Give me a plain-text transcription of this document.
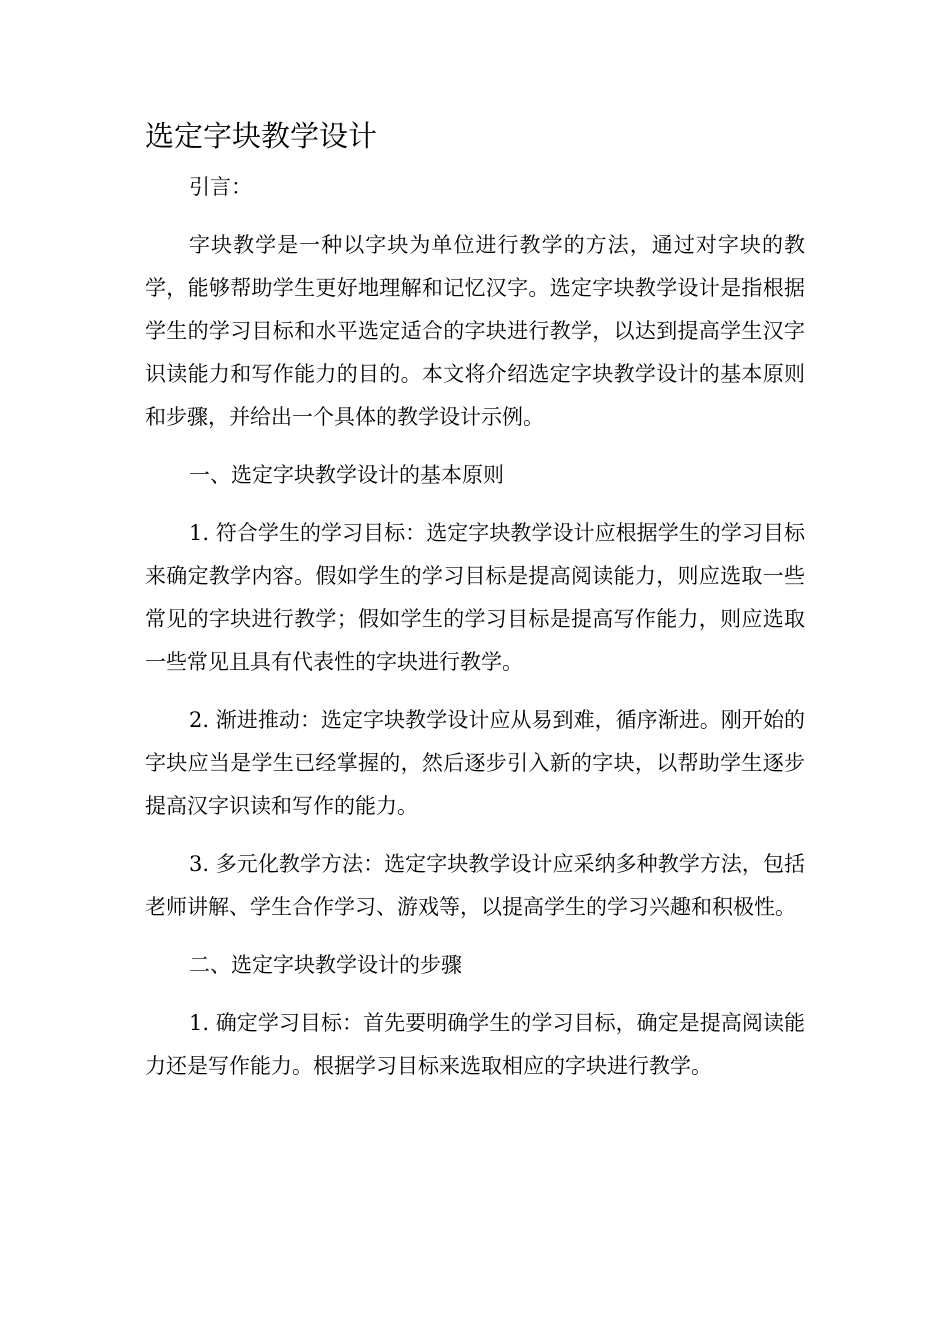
选定字块教学设计

引言：

字块教学是一种以字块为单位进行教学的方法，通过对字块的教学，能够帮助学生更好地理解和记忆汉字。选定字块教学设计是指根据学生的学习目标和水平选定适合的字块进行教学，以达到提高学生汉字识读能力和写作能力的目的。本文将介绍选定字块教学设计的基本原则和步骤，并给出一个具体的教学设计示例。

一、选定字块教学设计的基本原则

1. 符合学生的学习目标：选定字块教学设计应根据学生的学习目标来确定教学内容。假如学生的学习目标是提高阅读能力，则应选取一些常见的字块进行教学；假如学生的学习目标是提高写作能力，则应选取一些常见且具有代表性的字块进行教学。

2. 渐进推动：选定字块教学设计应从易到难，循序渐进。刚开始的字块应当是学生已经掌握的，然后逐步引入新的字块，以帮助学生逐步提高汉字识读和写作的能力。

3. 多元化教学方法：选定字块教学设计应采纳多种教学方法，包括老师讲解、学生合作学习、游戏等，以提高学生的学习兴趣和积极性。

二、选定字块教学设计的步骤

1. 确定学习目标：首先要明确学生的学习目标，确定是提高阅读能力还是写作能力。根据学习目标来选取相应的字块进行教学。
